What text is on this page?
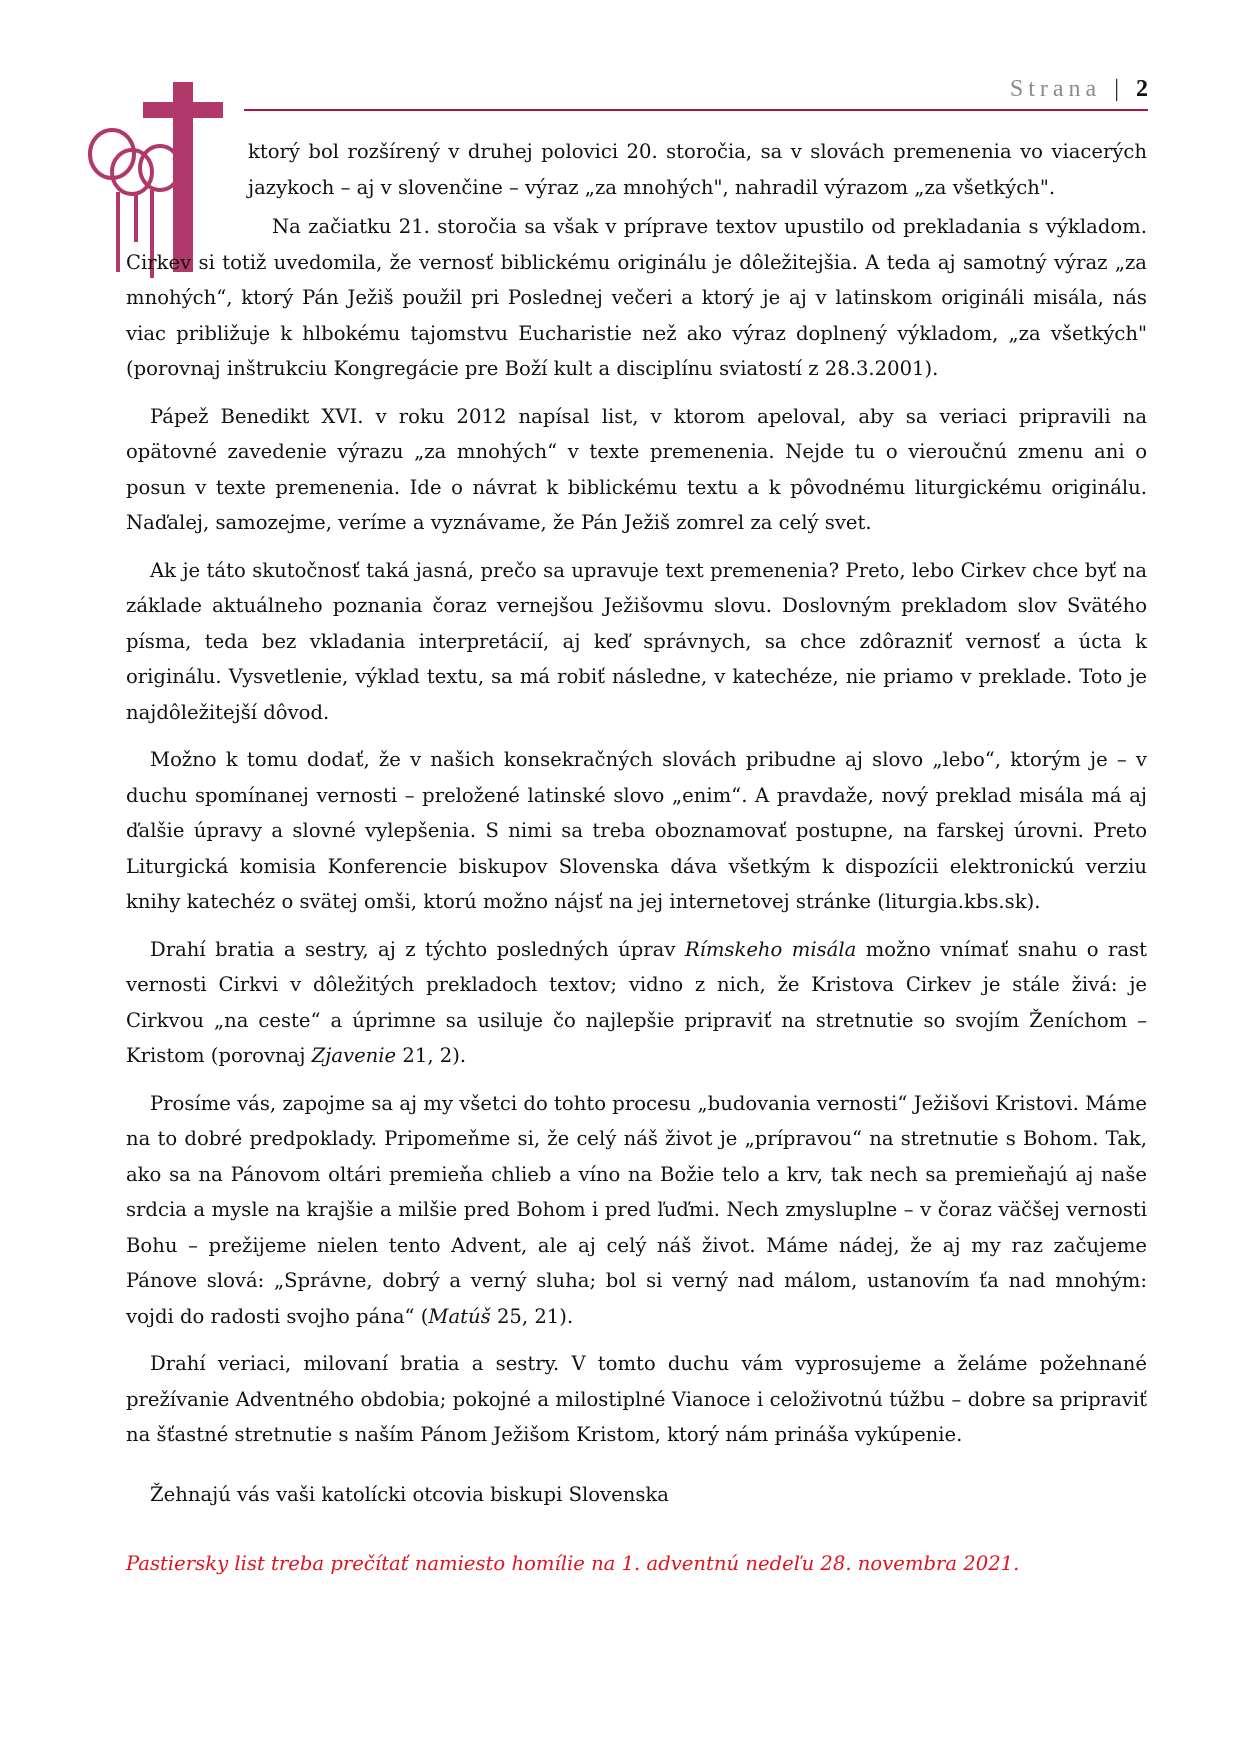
Strana | 2

ktorý bol rozšírený v druhej polovici 20. storočia, sa v slovách premenenia vo viacerých jazykoch – aj v slovenčine – výraz „za mnohých", nahradil výrazom „za všetkých".

Na začiatku 21. storočia sa však v príprave textov upustilo od prekladania s výkladom. Cirkev si totiž uvedomila, že vernosť biblickému originálu je dôležitejšia. A teda aj samotný výraz „za mnohých“, ktorý Pán Ježiš použil pri Poslednej večeri a ktorý je aj v latinskom origináli misála, nás viac približuje k hlbokému tajomstvu Eucharistie než ako výraz doplnený výkladom, „za všetkých" (porovnaj inštrukciu Kongregácie pre Boží kult a disciplínu sviatostí z 28.3.2001).

Pápež Benedikt XVI. v roku 2012 napísal list, v ktorom apeloval, aby sa veriaci pripravili na opätovné zavedenie výrazu „za mnohých“ v texte premenenia. Nejde tu o vieroučnú zmenu ani o posun v texte premenenia. Ide o návrat k biblickému textu a k pôvodnému liturgickému originálu. Naďalej, samozejme, veríme a vyznávame, že Pán Ježiš zomrel za celý svet.

Ak je táto skutočnosť taká jasná, prečo sa upravuje text premenenia? Preto, lebo Cirkev chce byť na základe aktuálneho poznania čoraz vernejšou Ježišovmu slovu. Doslovným prekladom slov Svätého písma, teda bez vkladania interpretácií, aj keď správnych, sa chce zdôrazniť vernosť a úcta k originálu. Vysvetlenie, výklad textu, sa má robiť následne, v katechéze, nie priamo v preklade. Toto je najdôležitejší dôvod.

Možno k tomu dodať, že v našich konsekračných slovách pribudne aj slovo „lebo“, ktorým je – v duchu spomínanej vernosti – preložené latinské slovo „enim“. A pravdaže, nový preklad misála má aj ďalšie úpravy a slovné vylepšenia. S nimi sa treba oboznamovať postupne, na farskej úrovni. Preto Liturgická komisia Konferencie biskupov Slovenska dáva všetkým k dispozícii elektronickú verziu knihy katechéz o svätej omši, ktorú možno nájsť na jej internetovej stránke (liturgia.kbs.sk).

Drahí bratia a sestry, aj z týchto posledných úprav Rímskeho misála možno vnímať snahu o rast vernosti Cirkvi v dôležitých prekladoch textov; vidno z nich, že Kristova Cirkev je stále živá: je Cirkvou „na ceste“ a úprimne sa usiluje čo najlepšie pripraviť na stretnutie so svojím Ženíchom – Kristom (porovnaj Zjavenie 21, 2).

Prosíme vás, zapojme sa aj my všetci do tohto procesu „budovania vernosti“ Ježišovi Kristovi. Máme na to dobré predpoklady. Pripomeňme si, že celý náš život je „prípravou“ na stretnutie s Bohom. Tak, ako sa na Pánovom oltári premieňa chlieb a víno na Božie telo a krv, tak nech sa premieňajú aj naše srdcia a mysle na krajšie a milšie pred Bohom i pred ľuďmi. Nech zmysluplne – v čoraz väčšej vernosti Bohu – prežijeme nielen tento Advent, ale aj celý náš život. Máme nádej, že aj my raz začujeme Pánove slová: „Správne, dobrý a verný sluha; bol si verný nad málom, ustanovím ťa nad mnohým: vojdi do radosti svojho pána“ (Matúš 25, 21).

Drahí veriaci, milovaní bratia a sestry. V tomto duchu vám vyprosujeme a želáme požehnané prežívanie Adventného obdobia; pokojné a milostiplné Vianoce i celoživotnú túžbu – dobre sa pripraviť na šťastné stretnutie s naším Pánom Ježišom Kristom, ktorý nám prináša vykúpenie.

Žehnajú vás vaši katolícki otcovia biskupi Slovenska

Pastiersky list treba prečítať namiesto homílie na 1. adventnú nedeľu 28. novembra 2021.
